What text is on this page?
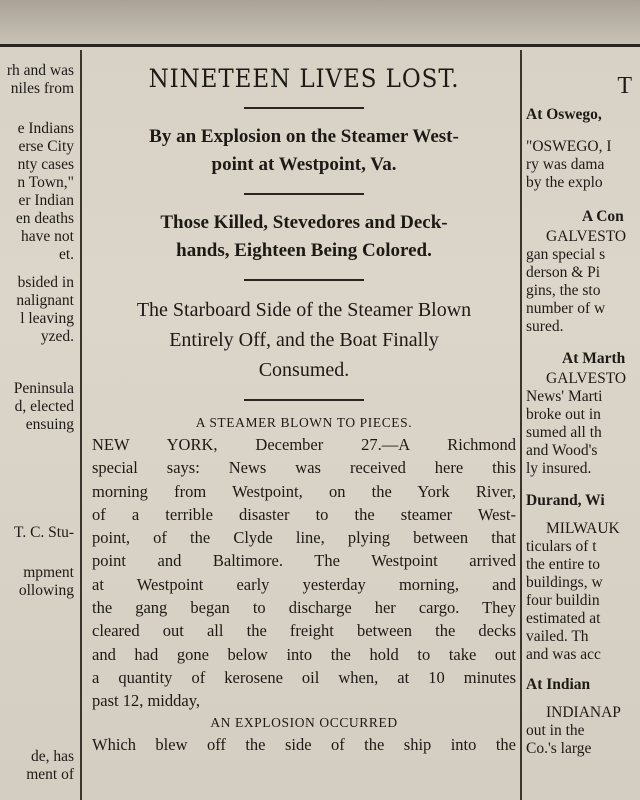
rh and was

niles from

e Indians

erse City

nty cases

n Town,"

er Indian

en deaths

have not

et.

bsided in

nalignant

l leaving

yzed.

Peninsula

d, elected

ensuing

T. C. Stu-

mpment

ollowing

de, has

ment of

NINETEEN LIVES LOST.
By an Explosion on the Steamer West-
point at Westpoint, Va.
Those Killed, Stevedores and Deck-
hands, Eighteen Being Colored.
The Starboard Side of the Steamer Blown
Entirely Off, and the Boat Finally
Consumed.
A STEAMER BLOWN TO PIECES.

NEW YORK, December 27.—A Richmond

special says: News was received here this

morning from Westpoint, on the York River,

of a terrible disaster to the steamer West-

point, of the Clyde line, plying between that

point and Baltimore. The Westpoint arrived

at Westpoint early yesterday morning, and

the gang began to discharge her cargo. They

cleared out all the freight between the decks

and had gone below into the hold to take out

a quantity of kerosene oil when, at 10 minutes

past 12, midday,

AN EXPLOSION OCCURRED

Which blew off the side of the ship into the

T

At Oswego,

"OSWEGO, I

ry was dama

by the explo

A Con

GALVESTO

gan special s

derson & Pi

gins, the sto

number of w

sured.

At Marth

GALVESTO

News' Marti

broke out in

sumed all th

and Wood's

ly insured.

Durand, Wi

MILWAUK

ticulars of t

the entire to

buildings, w

four buildin

estimated at

vailed. Th

and was acc

At Indian

INDIANAP

out in the

Co.'s large
